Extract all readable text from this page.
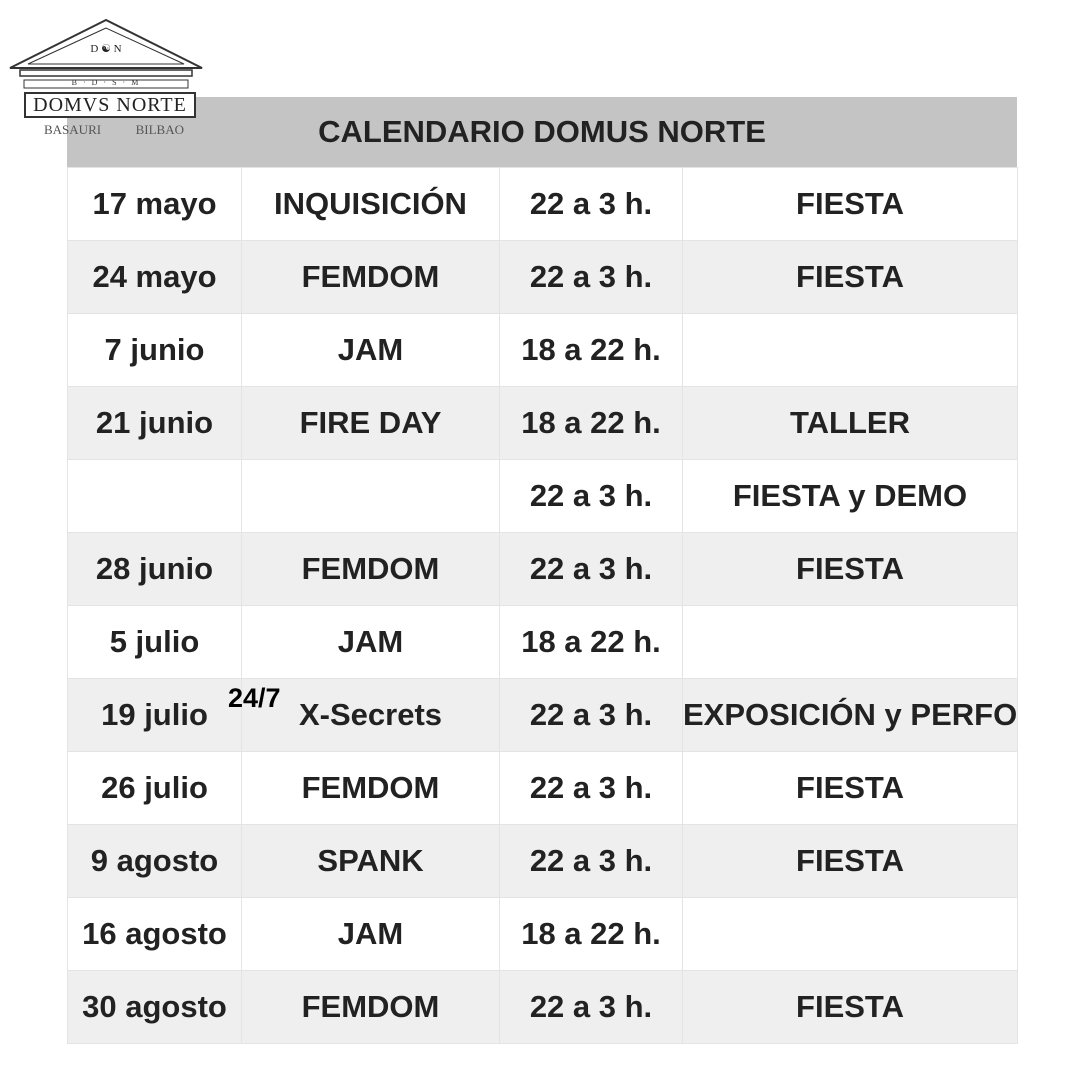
D ☯ N
B · D · S · M
DOMVS NORTE
BASAURI	BILBAO	CALENDARIO DOMUS NORTE
17 mayo	INQUISICIÓN	22 a 3 h.	FIESTA
24 mayo	FEMDOM	22 a 3 h.	FIESTA
7 junio	JAM	18 a 22 h.	
21 junio	FIRE DAY	18 a 22 h.	TALLER
		22 a 3 h.	FIESTA y DEMO
28 junio	FEMDOM	22 a 3 h.	FIESTA
5 julio	JAM	18 a 22 h.	
19 julio	24/7 X-Secrets	22 a 3 h.	EXPOSICIÓN y PERFO
26 julio	FEMDOM	22 a 3 h.	FIESTA
9 agosto	SPANK	22 a 3 h.	FIESTA
16 agosto	JAM	18 a 22 h.	
30 agosto	FEMDOM	22 a 3 h.	FIESTA
